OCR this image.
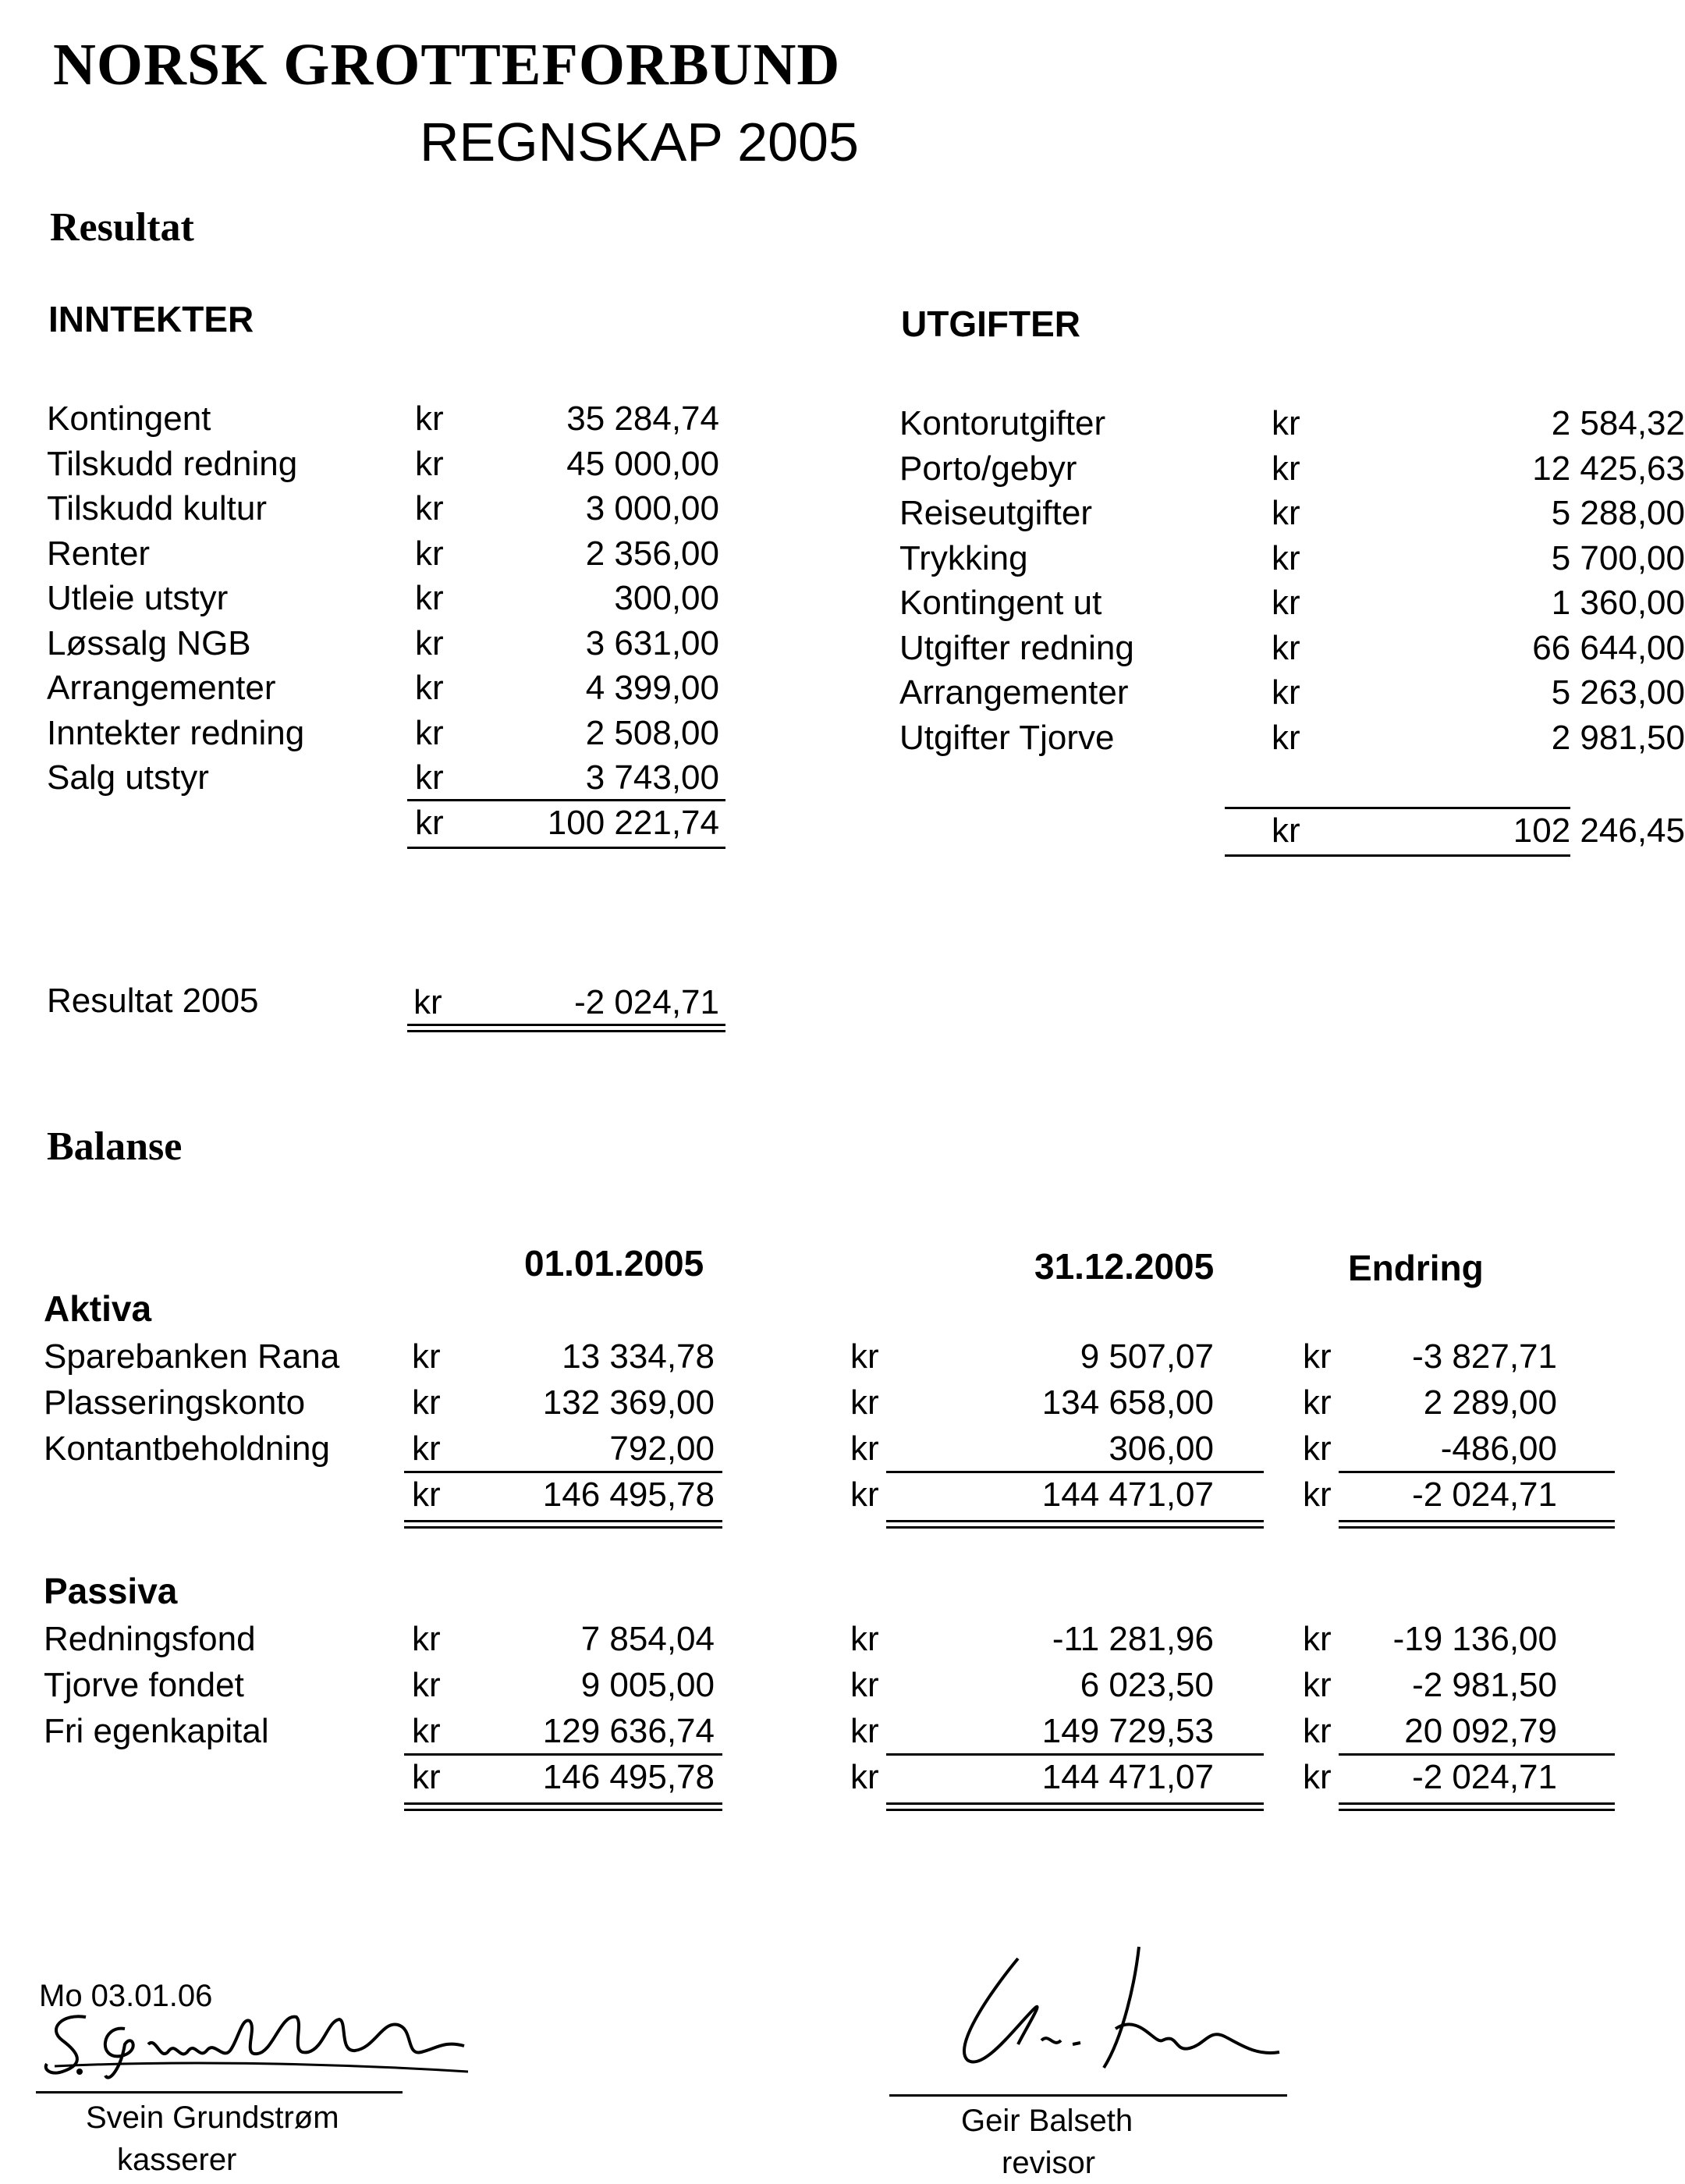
NORSK GROTTEFORBUND
REGNSKAP 2005
Resultat
INNTEKTER	UTGIFTER
Kontingent	kr	35 284,74
Tilskudd redning	kr	45 000,00
Tilskudd kultur	kr	3 000,00
Renter	kr	2 356,00
Utleie utstyr	kr	300,00
Løssalg NGB	kr	3 631,00
Arrangementer	kr	4 399,00
Inntekter redning	kr	2 508,00
Salg utstyr	kr	3 743,00
kr	100 221,74
Kontorutgifter	kr	2 584,32
Porto/gebyr	kr	12 425,63
Reiseutgifter	kr	5 288,00
Trykking	kr	5 700,00
Kontingent ut	kr	1 360,00
Utgifter redning	kr	66 644,00
Arrangementer	kr	5 263,00
Utgifter Tjorve	kr	2 981,50
kr	102 246,45
Resultat 2005	kr	-2 024,71
Balanse
01.01.2005	31.12.2005	Endring
Aktiva
Sparebanken Rana kr	13 334,78	kr	9 507,07	kr	-3 827,71
Plasseringskonto	kr	132 369,00	kr	134 658,00	kr	2 289,00
Kontantbeholdning kr	792,00	kr	306,00	kr	-486,00
kr	146 495,78	kr	144 471,07	kr	-2 024,71
Passiva
Redningsfond	kr	7 854,04	kr	-11 281,96	kr	-19 136,00
Tjorve fondet	kr	9 005,00	kr	6 023,50	kr	-2 981,50
Fri egenkapital	kr	129 636,74	kr	149 729,53	kr	20 092,79
kr	146 495,78	kr	144 471,07	kr	-2 024,71
Mo 03.01.06
Svein Grundstrøm
kasserer
Geir Balseth
revisor
